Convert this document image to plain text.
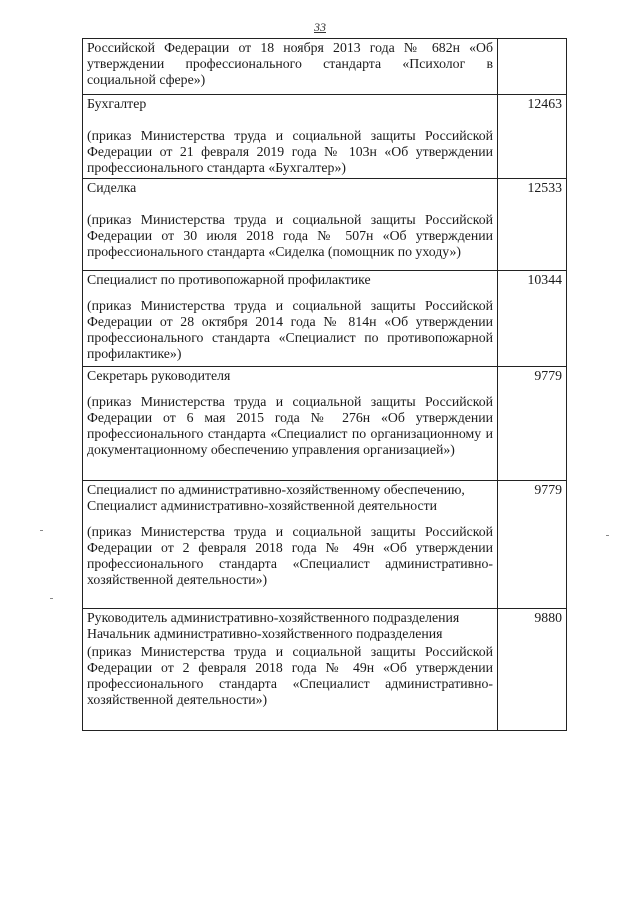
33
Российской Федерации от 18 ноября 2013 года № 682н «Об утверждении профессионального стандарта «Психолог в социальной сфере»)	

Бухгалтер
(приказ Министерства труда и социальной защиты Российской Федерации от 21 февраля 2019 года № 103н «Об утверждении профессионального стандарта «Бухгалтер»)	12463

Сиделка
(приказ Министерства труда и социальной защиты Российской Федерации от 30 июля 2018 года № 507н «Об утверждении профессионального стандарта «Сиделка (помощник по уходу»)	12533

Специалист по противопожарной профилактике
(приказ Министерства труда и социальной защиты Российской Федерации от 28 октября 2014 года № 814н «Об утверждении профессионального стандарта «Специалист по противопожарной профилактике»)	10344

Секретарь руководителя
(приказ Министерства труда и социальной защиты Российской Федерации от 6 мая 2015 года № 276н «Об утверждении профессионального стандарта «Специалист по организационному и документационному обеспечению управления организацией»)	9779

Специалист по административно-хозяйственному обеспечению,
Специалист административно-хозяйственной деятельности
(приказ Министерства труда и социальной защиты Российской Федерации от 2 февраля 2018 года № 49н «Об утверждении профессионального стандарта «Специалист административно-хозяйственной деятельности»)	9779

Руководитель административно-хозяйственного подразделения
Начальник административно-хозяйственного подразделения
(приказ Министерства труда и социальной защиты Российской Федерации от 2 февраля 2018 года № 49н «Об утверждении профессионального стандарта «Специалист административно-хозяйственной деятельности»)	9880
